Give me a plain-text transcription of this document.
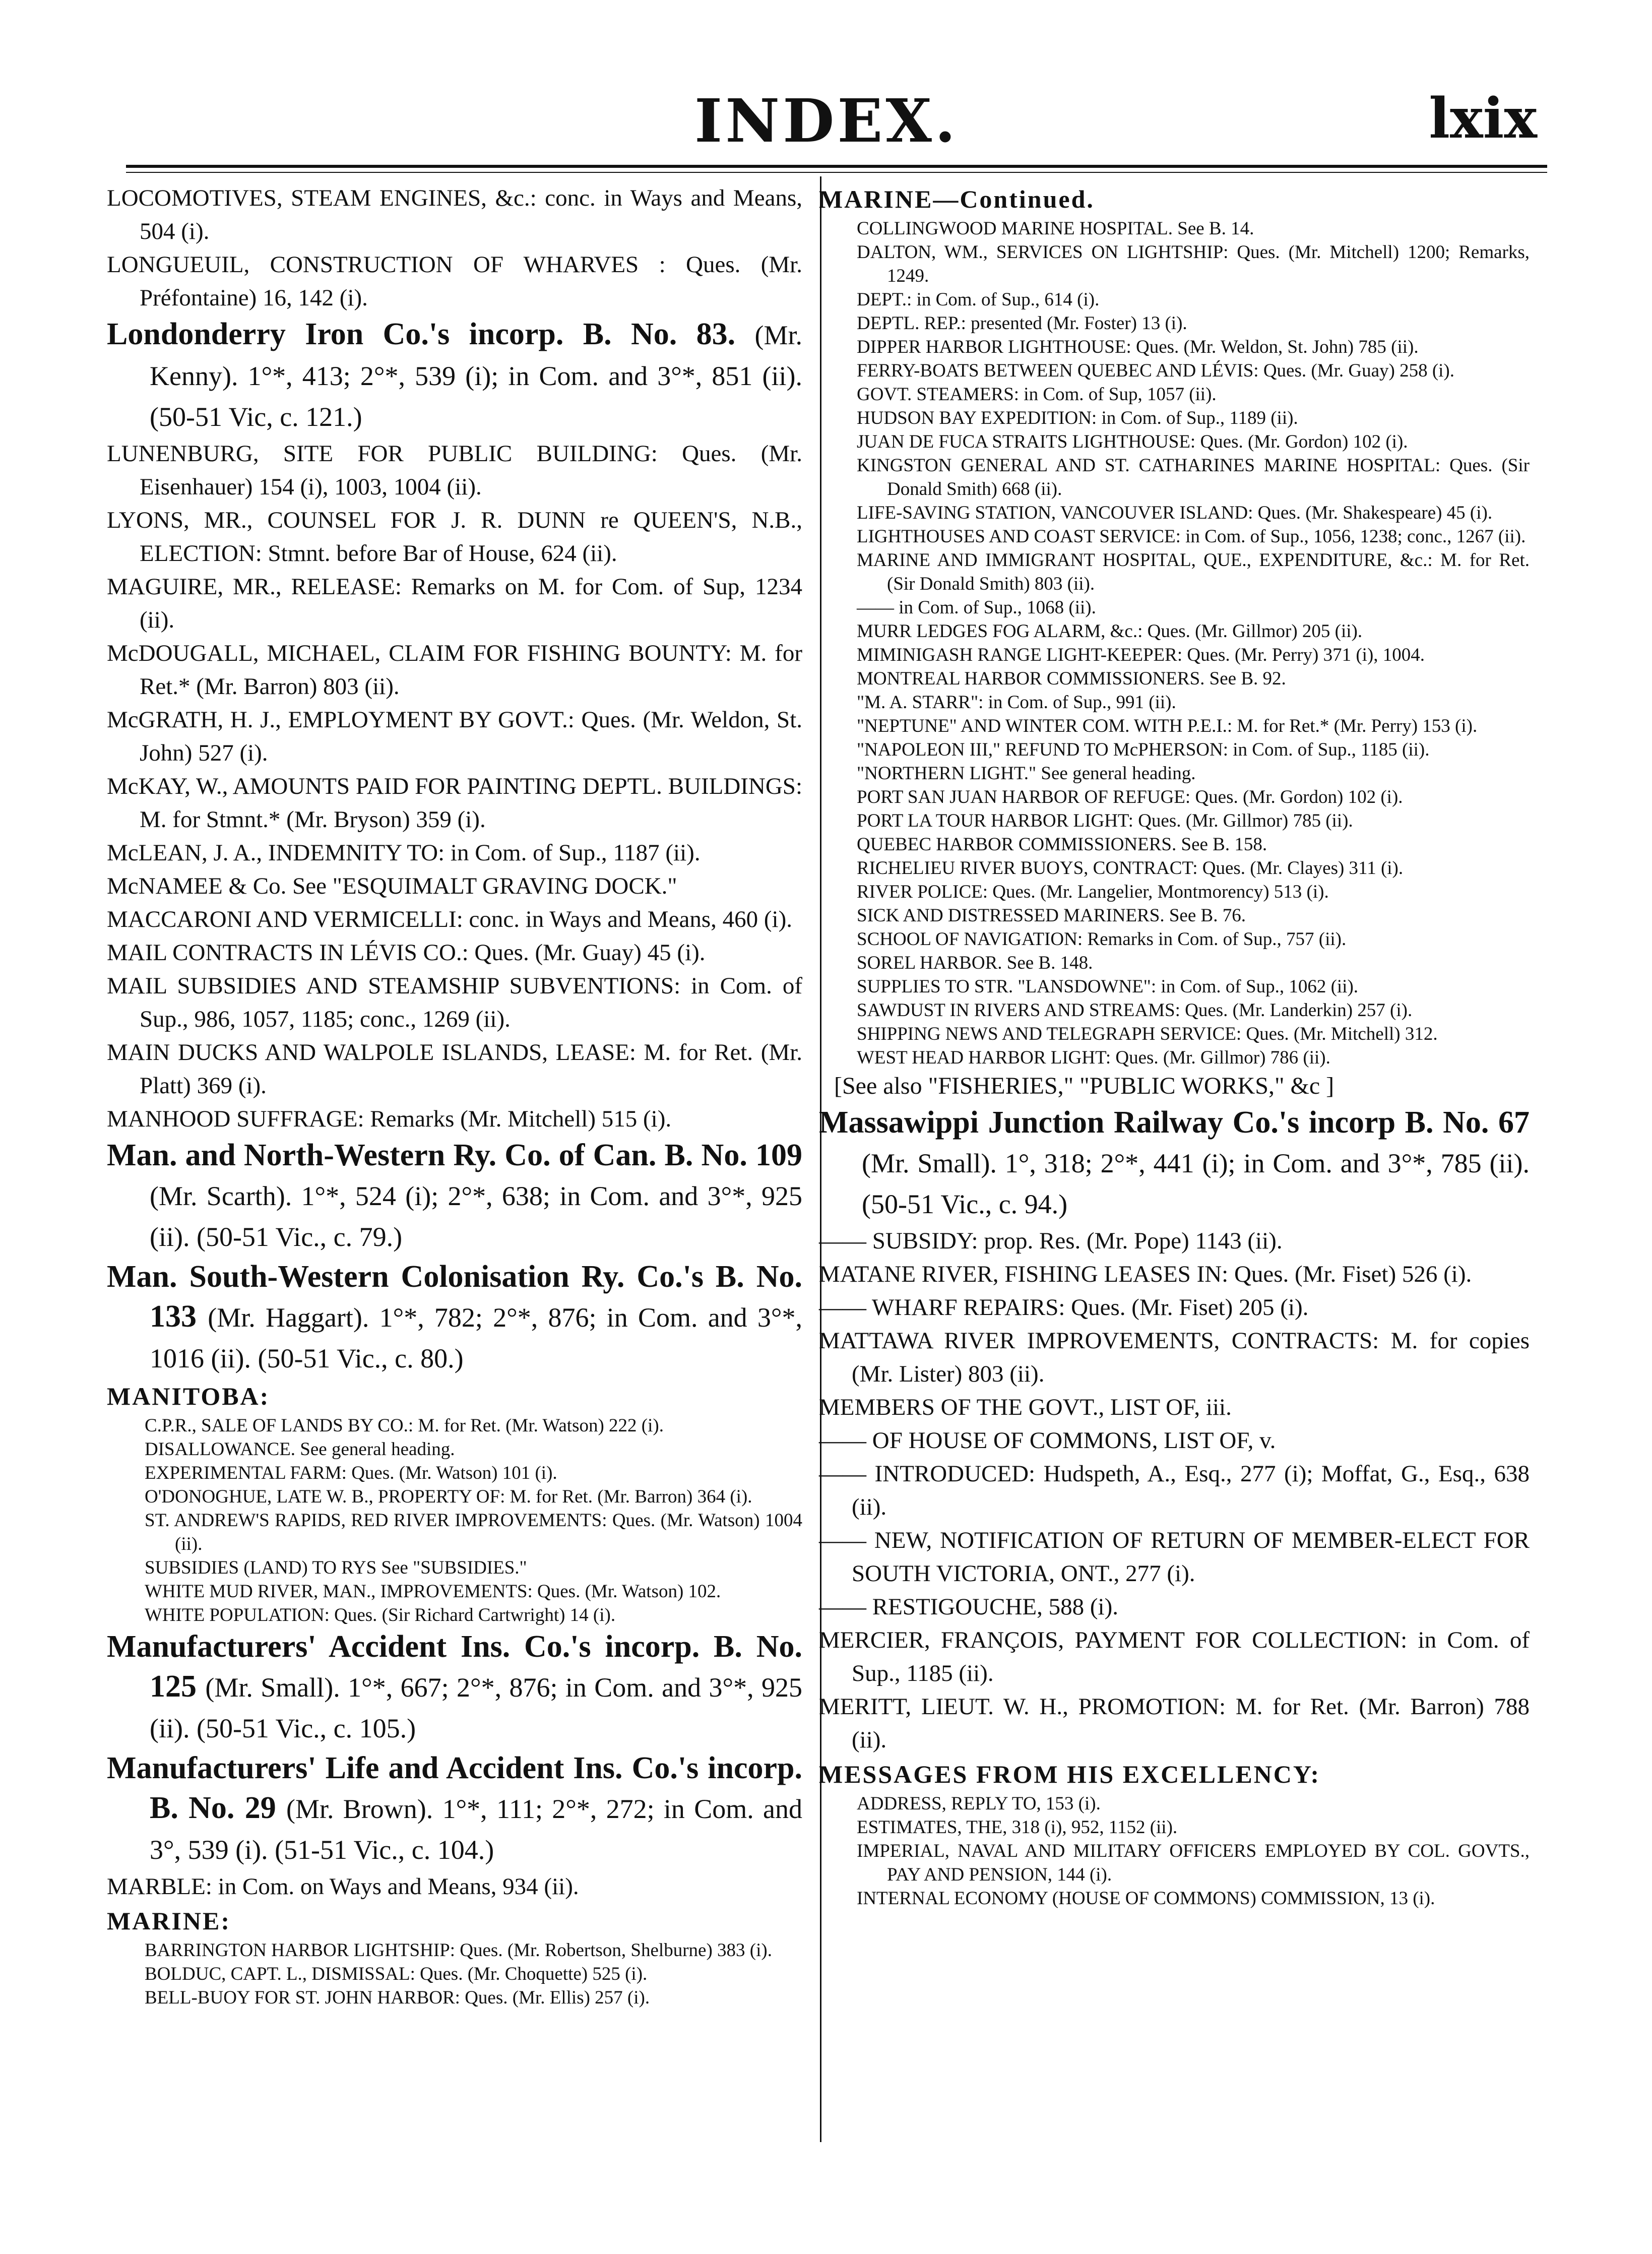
INDEX.	lxix

LOCOMOTIVES, STEAM ENGINES, &c.: conc. in Ways and Means, 504 (i).

LONGUEUIL, CONSTRUCTION OF WHARVES : Ques. (Mr. Préfontaine) 16, 142 (i).

Londonderry Iron Co.'s incorp. B. No. 83. (Mr. Kenny). 1°*, 413; 2°*, 539 (i); in Com. and 3°*, 851 (ii). (50-51 Vic, c. 121.)

LUNENBURG, SITE FOR PUBLIC BUILDING: Ques. (Mr. Eisenhauer) 154 (i), 1003, 1004 (ii).

LYONS, MR., COUNSEL FOR J. R. DUNN re QUEEN'S, N.B., ELECTION: Stmnt. before Bar of House, 624 (ii).

MAGUIRE, MR., RELEASE: Remarks on M. for Com. of Sup, 1234 (ii).

McDOUGALL, MICHAEL, CLAIM FOR FISHING BOUNTY: M. for Ret.* (Mr. Barron) 803 (ii).

McGRATH, H. J., EMPLOYMENT BY GOVT.: Ques. (Mr. Weldon, St. John) 527 (i).

McKAY, W., AMOUNTS PAID FOR PAINTING DEPTL. BUILDINGS: M. for Stmnt.* (Mr. Bryson) 359 (i).

McLEAN, J. A., INDEMNITY TO: in Com. of Sup., 1187 (ii).

McNAMEE & Co. See "ESQUIMALT GRAVING DOCK."

MACCARONI AND VERMICELLI: conc. in Ways and Means, 460 (i).

MAIL CONTRACTS IN LÉVIS CO.: Ques. (Mr. Guay) 45 (i).

MAIL SUBSIDIES AND STEAMSHIP SUBVENTIONS: in Com. of Sup., 986, 1057, 1185; conc., 1269 (ii).

MAIN DUCKS AND WALPOLE ISLANDS, LEASE: M. for Ret. (Mr. Platt) 369 (i).

MANHOOD SUFFRAGE: Remarks (Mr. Mitchell) 515 (i).

Man. and North-Western Ry. Co. of Can. B. No. 109 (Mr. Scarth). 1°*, 524 (i); 2°*, 638; in Com. and 3°*, 925 (ii). (50-51 Vic., c. 79.)

Man. South-Western Colonisation Ry. Co.'s B. No. 133 (Mr. Haggart). 1°*, 782; 2°*, 876; in Com. and 3°*, 1016 (ii). (50-51 Vic., c. 80.)

MANITOBA:

C.P.R., SALE OF LANDS BY CO.: M. for Ret. (Mr. Watson) 222 (i).

DISALLOWANCE. See general heading.

EXPERIMENTAL FARM: Ques. (Mr. Watson) 101 (i).

O'DONOGHUE, LATE W. B., PROPERTY OF: M. for Ret. (Mr. Barron) 364 (i).

ST. ANDREW'S RAPIDS, RED RIVER IMPROVEMENTS: Ques. (Mr. Watson) 1004 (ii).

SUBSIDIES (LAND) TO RYS See "SUBSIDIES."

WHITE MUD RIVER, MAN., IMPROVEMENTS: Ques. (Mr. Watson) 102.

WHITE POPULATION: Ques. (Sir Richard Cartwright) 14 (i).

Manufacturers' Accident Ins. Co.'s incorp. B. No. 125 (Mr. Small). 1°*, 667; 2°*, 876; in Com. and 3°*, 925 (ii). (50-51 Vic., c. 105.)

Manufacturers' Life and Accident Ins. Co.'s incorp. B. No. 29 (Mr. Brown). 1°*, 111; 2°*, 272; in Com. and 3°, 539 (i). (51-51 Vic., c. 104.)

MARBLE: in Com. on Ways and Means, 934 (ii).

MARINE:

BARRINGTON HARBOR LIGHTSHIP: Ques. (Mr. Robertson, Shelburne) 383 (i).

BOLDUC, CAPT. L., DISMISSAL: Ques. (Mr. Choquette) 525 (i).

BELL-BUOY FOR ST. JOHN HARBOR: Ques. (Mr. Ellis) 257 (i).

MARINE—Continued.

COLLINGWOOD MARINE HOSPITAL. See B. 14.

DALTON, WM., SERVICES ON LIGHTSHIP: Ques. (Mr. Mitchell) 1200; Remarks, 1249.

DEPT.: in Com. of Sup., 614 (i).

DEPTL. REP.: presented (Mr. Foster) 13 (i).

DIPPER HARBOR LIGHTHOUSE: Ques. (Mr. Weldon, St. John) 785 (ii).

FERRY-BOATS BETWEEN QUEBEC AND LÉVIS: Ques. (Mr. Guay) 258 (i).

GOVT. STEAMERS: in Com. of Sup, 1057 (ii).

HUDSON BAY EXPEDITION: in Com. of Sup., 1189 (ii).

JUAN DE FUCA STRAITS LIGHTHOUSE: Ques. (Mr. Gordon) 102 (i).

KINGSTON GENERAL AND ST. CATHARINES MARINE HOSPITAL: Ques. (Sir Donald Smith) 668 (ii).

LIFE-SAVING STATION, VANCOUVER ISLAND: Ques. (Mr. Shakespeare) 45 (i).

LIGHTHOUSES AND COAST SERVICE: in Com. of Sup., 1056, 1238; conc., 1267 (ii).

MARINE AND IMMIGRANT HOSPITAL, QUE., EXPENDITURE, &c.: M. for Ret. (Sir Donald Smith) 803 (ii).

—— in Com. of Sup., 1068 (ii).

MURR LEDGES FOG ALARM, &c.: Ques. (Mr. Gillmor) 205 (ii).

MIMINIGASH RANGE LIGHT-KEEPER: Ques. (Mr. Perry) 371 (i), 1004.

MONTREAL HARBOR COMMISSIONERS. See B. 92.

"M. A. STARR": in Com. of Sup., 991 (ii).

"NEPTUNE" AND WINTER COM. WITH P.E.I.: M. for Ret.* (Mr. Perry) 153 (i).

"NAPOLEON III," REFUND TO McPHERSON: in Com. of Sup., 1185 (ii).

"NORTHERN LIGHT." See general heading.

PORT SAN JUAN HARBOR OF REFUGE: Ques. (Mr. Gordon) 102 (i).

PORT LA TOUR HARBOR LIGHT: Ques. (Mr. Gillmor) 785 (ii).

QUEBEC HARBOR COMMISSIONERS. See B. 158.

RICHELIEU RIVER BUOYS, CONTRACT: Ques. (Mr. Clayes) 311 (i).

RIVER POLICE: Ques. (Mr. Langelier, Montmorency) 513 (i).

SICK AND DISTRESSED MARINERS. See B. 76.

SCHOOL OF NAVIGATION: Remarks in Com. of Sup., 757 (ii).

SOREL HARBOR. See B. 148.

SUPPLIES TO STR. "LANSDOWNE": in Com. of Sup., 1062 (ii).

SAWDUST IN RIVERS AND STREAMS: Ques. (Mr. Landerkin) 257 (i).

SHIPPING NEWS AND TELEGRAPH SERVICE: Ques. (Mr. Mitchell) 312.

WEST HEAD HARBOR LIGHT: Ques. (Mr. Gillmor) 786 (ii).

[See also "FISHERIES," "PUBLIC WORKS," &c ]

Massawippi Junction Railway Co.'s incorp B. No. 67 (Mr. Small). 1°, 318; 2°*, 441 (i); in Com. and 3°*, 785 (ii). (50-51 Vic., c. 94.)

—— SUBSIDY: prop. Res. (Mr. Pope) 1143 (ii).

MATANE RIVER, FISHING LEASES IN: Ques. (Mr. Fiset) 526 (i).

—— WHARF REPAIRS: Ques. (Mr. Fiset) 205 (i).

MATTAWA RIVER IMPROVEMENTS, CONTRACTS: M. for copies (Mr. Lister) 803 (ii).

MEMBERS OF THE GOVT., LIST OF, iii.

—— OF HOUSE OF COMMONS, LIST OF, v.

—— INTRODUCED: Hudspeth, A., Esq., 277 (i); Moffat, G., Esq., 638 (ii).

—— NEW, NOTIFICATION OF RETURN OF MEMBER-ELECT FOR SOUTH VICTORIA, ONT., 277 (i).

—— RESTIGOUCHE, 588 (i).

MERCIER, FRANÇOIS, PAYMENT FOR COLLECTION: in Com. of Sup., 1185 (ii).

MERITT, LIEUT. W. H., PROMOTION: M. for Ret. (Mr. Barron) 788 (ii).

MESSAGES FROM HIS EXCELLENCY:

ADDRESS, REPLY TO, 153 (i).

ESTIMATES, THE, 318 (i), 952, 1152 (ii).

IMPERIAL, NAVAL AND MILITARY OFFICERS EMPLOYED BY COL. GOVTS., PAY AND PENSION, 144 (i).

INTERNAL ECONOMY (HOUSE OF COMMONS) COMMISSION, 13 (i).
